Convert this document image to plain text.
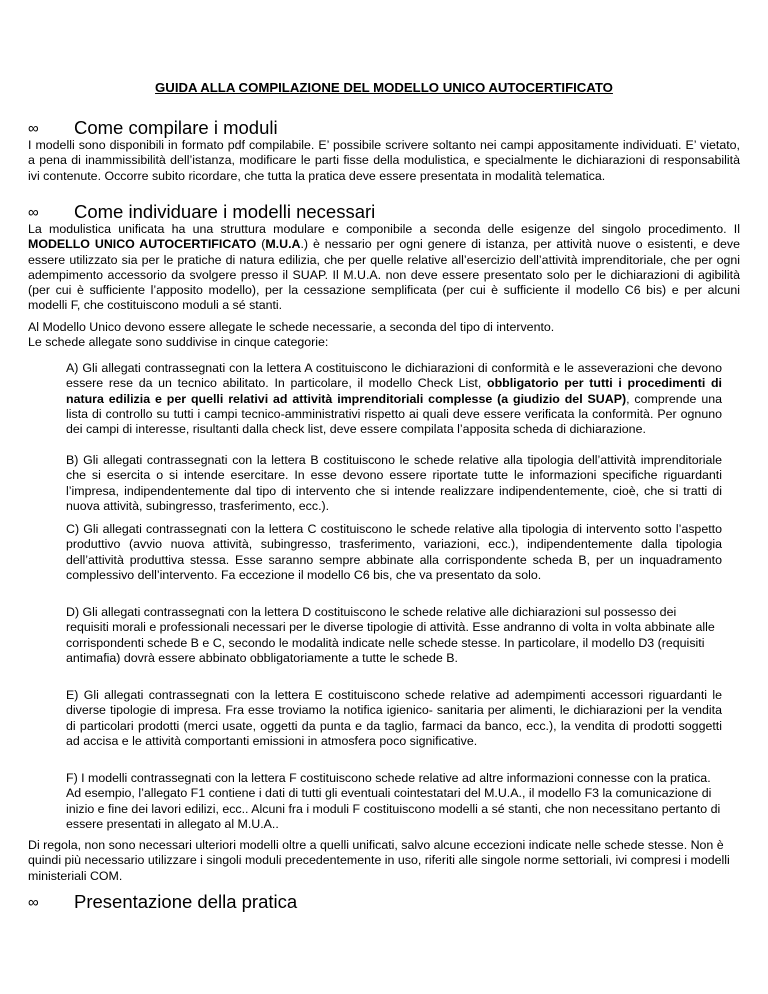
GUIDA ALLA COMPILAZIONE DEL MODELLO UNICO AUTOCERTIFICATO
∞	Come compilare i moduli
I modelli sono disponibili in formato pdf compilabile. E’ possibile scrivere soltanto nei campi appositamente individuati. E’ vietato, a pena di inammissibilità dell’istanza, modificare le parti fisse della modulistica, e specialmente le dichiarazioni di responsabilità ivi contenute. Occorre subito ricordare, che tutta la pratica deve essere presentata in modalità telematica.
∞	Come individuare i modelli necessari
La modulistica unificata ha una struttura modulare e componibile a seconda delle esigenze del singolo procedimento. Il MODELLO UNICO AUTOCERTIFICATO (M.U.A.) è nessario per ogni genere di istanza, per attività nuove o esistenti, e deve essere utilizzato sia per le pratiche di natura edilizia, che per quelle relative all’esercizio dell’attività imprenditoriale, che per ogni adempimento accessorio da svolgere presso il SUAP. Il M.U.A. non deve essere presentato solo per le dichiarazioni di agibilità (per cui è sufficiente l’apposito modello), per la cessazione semplificata (per cui è sufficiente il modello C6 bis) e per alcuni modelli F, che costituiscono moduli a sé stanti.
Al Modello Unico devono essere allegate le schede necessarie, a seconda del tipo di intervento.
Le schede allegate sono suddivise in cinque categorie:
A) Gli allegati contrassegnati con la lettera A costituiscono le dichiarazioni di conformità e le asseverazioni che devono essere rese da un tecnico abilitato. In particolare, il modello Check List, obbligatorio per tutti i procedimenti di natura edilizia e per quelli relativi ad attività imprenditoriali complesse (a giudizio del SUAP), comprende una lista di controllo su tutti i campi tecnico-amministrativi rispetto ai quali deve essere verificata la conformità. Per ognuno dei campi di interesse, risultanti dalla check list, deve essere compilata l’apposita scheda di dichiarazione.
B) Gli allegati contrassegnati con la lettera B costituiscono le schede relative alla tipologia dell’attività imprenditoriale che si esercita o si intende esercitare. In esse devono essere riportate tutte le informazioni specifiche riguardanti l’impresa, indipendentemente dal tipo di intervento che si intende realizzare indipendentemente, cioè, che si tratti di nuova attività, subingresso, trasferimento, ecc.).
C) Gli allegati contrassegnati con la lettera C costituiscono le schede relative alla tipologia di intervento sotto l’aspetto produttivo (avvio nuova attività, subingresso, trasferimento, variazioni, ecc.), indipendentemente dalla tipologia dell’attività produttiva stessa. Esse saranno sempre abbinate alla corrispondente scheda B, per un inquadramento complessivo dell’intervento. Fa eccezione il modello C6 bis, che va presentato da solo.
D) Gli allegati contrassegnati con la lettera D costituiscono le schede relative alle dichiarazioni sul possesso dei requisiti morali e professionali necessari per le diverse tipologie di attività. Esse andranno di volta in volta abbinate alle corrispondenti schede B e C, secondo le modalità indicate nelle schede stesse. In particolare, il modello D3 (requisiti antimafia) dovrà essere abbinato obbligatoriamente a tutte le schede B.
E) Gli allegati contrassegnati con la lettera E costituiscono schede relative ad adempimenti accessori riguardanti le diverse tipologie di impresa. Fra esse troviamo la notifica igienico- sanitaria per alimenti, le dichiarazioni per la vendita di particolari prodotti (merci usate, oggetti da punta e da taglio, farmaci da banco, ecc.), la vendita di prodotti soggetti ad accisa e le attività comportanti emissioni in atmosfera poco significative.
F) I modelli contrassegnati con la lettera F costituiscono schede relative ad altre informazioni connesse con la pratica. Ad esempio, l’allegato F1 contiene i dati di tutti gli eventuali cointestatari del M.U.A., il modello F3 la comunicazione di inizio e fine dei lavori edilizi, ecc.. Alcuni fra i moduli F costituiscono modelli a sé stanti, che non necessitano pertanto di essere presentati in allegato al M.U.A..
Di regola, non sono necessari ulteriori modelli oltre a quelli unificati, salvo alcune eccezioni indicate nelle schede stesse. Non è quindi più necessario utilizzare i singoli moduli precedentemente in uso, riferiti alle singole norme settoriali, ivi compresi i modelli ministeriali COM.
∞	Presentazione della pratica
